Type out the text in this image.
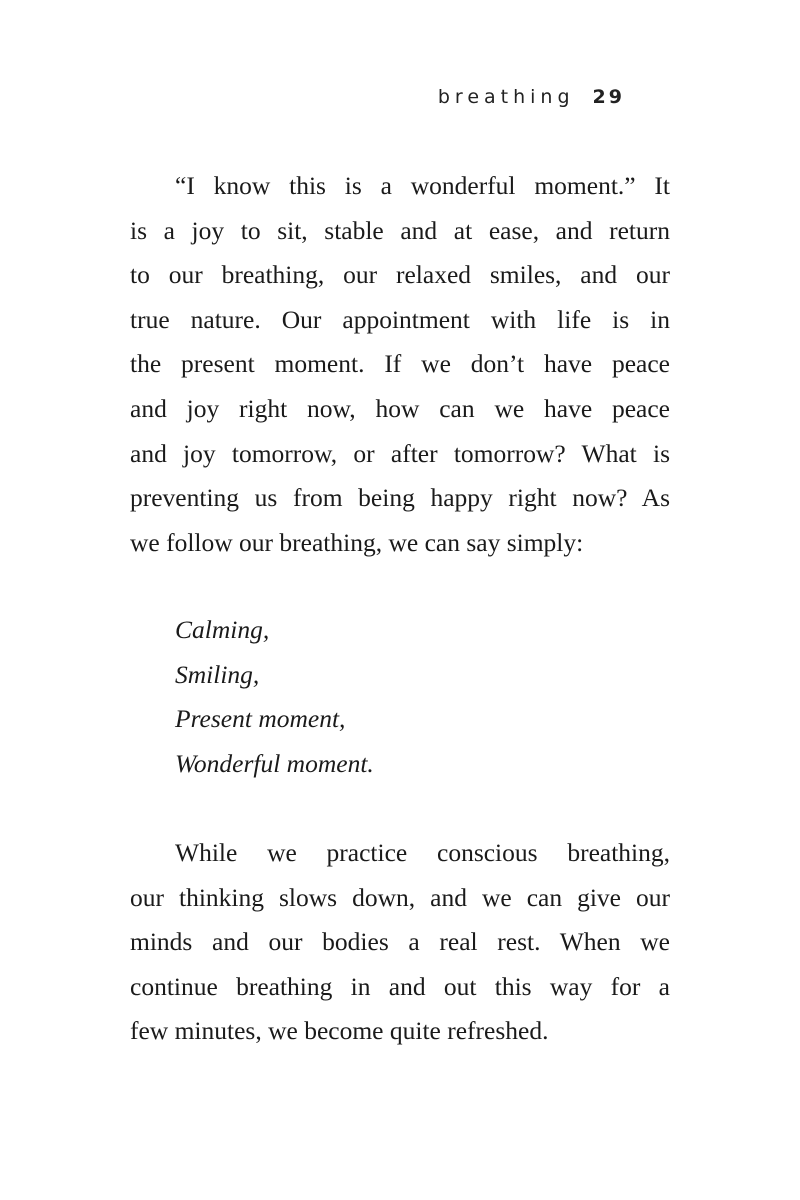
breathing 29
“I know this is a wonderful moment.” It
is a joy to sit, stable and at ease, and return
to our breathing, our relaxed smiles, and our
true nature. Our appointment with life is in
the present moment. If we don’t have peace
and joy right now, how can we have peace
and joy tomorrow, or after tomorrow? What is
preventing us from being happy right now? As
we follow our breathing, we can say simply:
Calming,
Smiling,
Present moment,
Wonderful moment.
While we practice conscious breathing,
our thinking slows down, and we can give our
minds and our bodies a real rest. When we
continue breathing in and out this way for a
few minutes, we become quite refreshed.
